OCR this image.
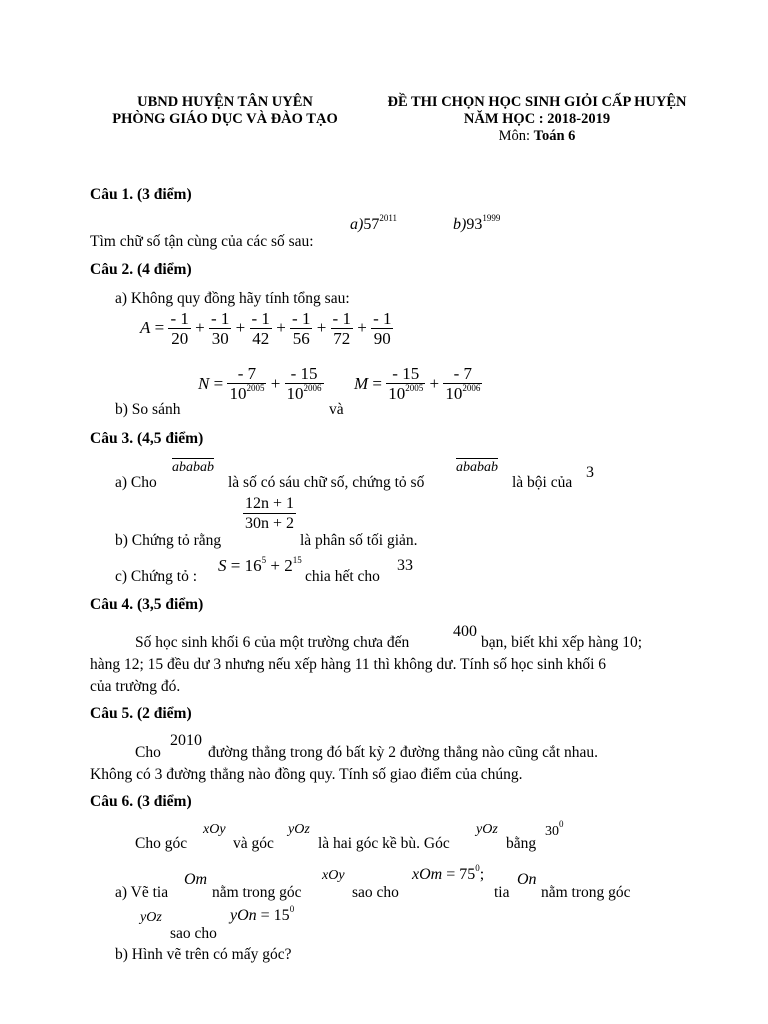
UBND HUYỆN TÂN UYÊN
PHÒNG GIÁO DỤC VÀ ĐÀO TẠO
ĐỀ THI CHỌN HỌC SINH GIỎI CẤP HUYỆN
NĂM HỌC : 2018-2019
Môn: Toán 6
Câu 1. (3 điểm)
$a)57^{2011}$	$b)93^{1999}$
Tìm chữ số tận cùng của các số sau:
Câu 2. (4 điểm)
a) Không quy đồng hãy tính tổng sau:
$A = \frac{- 1}{20} + \frac{- 1}{30} + \frac{- 1}{42} + \frac{- 1}{56} + \frac{- 1}{72} + \frac{- 1}{90}$
$N = \frac{- 7}{10^{2005}} + \frac{- 15}{10^{2006}}$ $M = \frac{- 15}{10^{2005}} + \frac{- 7}{10^{2006}}$
b) So sánh	và
Câu 3. (4,5 điểm)
a) Cho
ababab
là số có sáu chữ số, chứng tỏ số
ababab
là bội của
3
$\frac{12n + 1}{30n + 2}$
b) Chứng tỏ rằng	là phân số tối giản.
c) Chứng tỏ :
$S = 16^5 + 2^{15}$
chia hết cho
33
Câu 4. (3,5 điểm)
Số học sinh khối 6 của một trường chưa đến
400
bạn, biết khi xếp hàng 10;
hàng 12; 15 đều dư 3 nhưng nếu xếp hàng 11 thì không dư. Tính số học sinh khối 6
của trường đó.
Câu 5. (2 điểm)
Cho
2010
đường thẳng trong đó bất kỳ 2 đường thẳng nào cũng cắt nhau.
Không có 3 đường thẳng nào đồng quy. Tính số giao điểm của chúng.
Câu 6. (3 điểm)
Cho góc
xOy
và góc
yOz
là hai góc kề bù. Góc
yOz
bằng
$30^0$
a) Vẽ tia
Om
nằm trong góc
xOy
sao cho
xOm = $75^0$;
tia
On
nằm trong góc
yOz
sao cho
yOn = $15^0$
b) Hình vẽ trên có mấy góc?
